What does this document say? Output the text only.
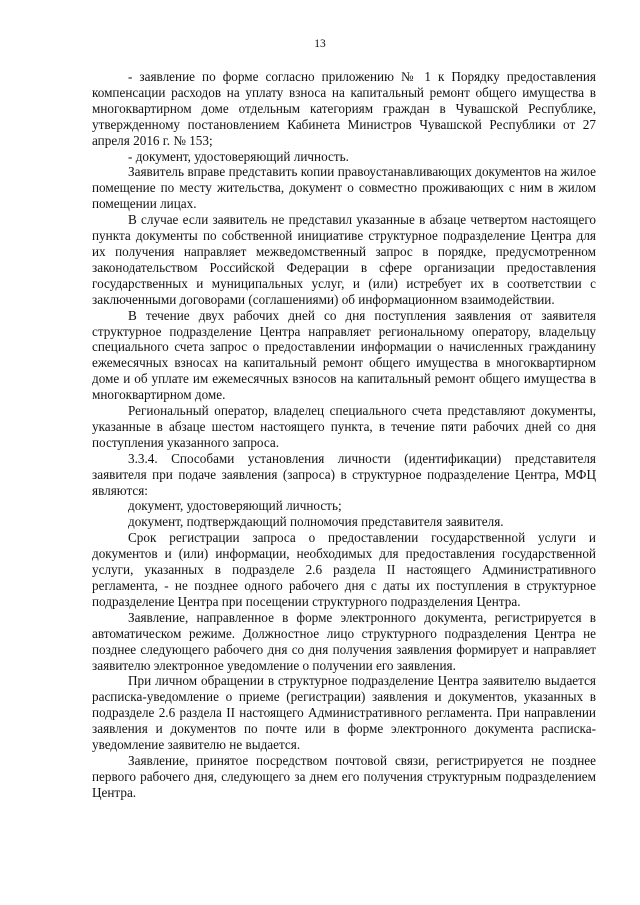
13

- заявление по форме согласно приложению № 1 к Порядку предоставления компенсации расходов на уплату взноса на капитальный ремонт общего имущества в многоквартирном доме отдельным категориям граждан в Чувашской Республике, утвержденному постановлением Кабинета Министров Чувашской Республики от 27 апреля 2016 г. № 153;

- документ, удостоверяющий личность.

Заявитель вправе представить копии правоустанавливающих документов на жилое помещение по месту жительства, документ о совместно проживающих с ним в жилом помещении лицах.

В случае если заявитель не представил указанные в абзаце четвертом настоящего пункта документы по собственной инициативе структурное подразделение Центра для их получения направляет межведомственный запрос в порядке, предусмотренном законодательством Российской Федерации в сфере организации предоставления государственных и муниципальных услуг, и (или) истребует их в соответствии с заключенными договорами (соглашениями) об информационном взаимодействии.

В течение двух рабочих дней со дня поступления заявления от заявителя структурное подразделение Центра направляет региональному оператору, владельцу специального счета запрос о предоставлении информации о начисленных гражданину ежемесячных взносах на капитальный ремонт общего имущества в многоквартирном доме и об уплате им ежемесячных взносов на капитальный ремонт общего имущества в многоквартирном доме.

Региональный оператор, владелец специального счета представляют документы, указанные в абзаце шестом настоящего пункта, в течение пяти рабочих дней со дня поступления указанного запроса.

3.3.4. Способами установления личности (идентификации) представителя заявителя при подаче заявления (запроса) в структурное подразделение Центра, МФЦ являются:

документ, удостоверяющий личность;

документ, подтверждающий полномочия представителя заявителя.

Срок регистрации запроса о предоставлении государственной услуги и документов и (или) информации, необходимых для предоставления государственной услуги, указанных в подразделе 2.6 раздела II настоящего Административного регламента, - не позднее одного рабочего дня с даты их поступления в структурное подразделение Центра при посещении структурного подразделения Центра.

Заявление, направленное в форме электронного документа, регистрируется в автоматическом режиме. Должностное лицо структурного подразделения Центра не позднее следующего рабочего дня со дня получения заявления формирует и направляет заявителю электронное уведомление о получении его заявления.

При личном обращении в структурное подразделение Центра заявителю выдается расписка-уведомление о приеме (регистрации) заявления и документов, указанных в подразделе 2.6 раздела II настоящего Административного регламента. При направлении заявления и документов по почте или в форме электронного документа расписка-уведомление заявителю не выдается.

Заявление, принятое посредством почтовой связи, регистрируется не позднее первого рабочего дня, следующего за днем его получения структурным подразделением Центра.
